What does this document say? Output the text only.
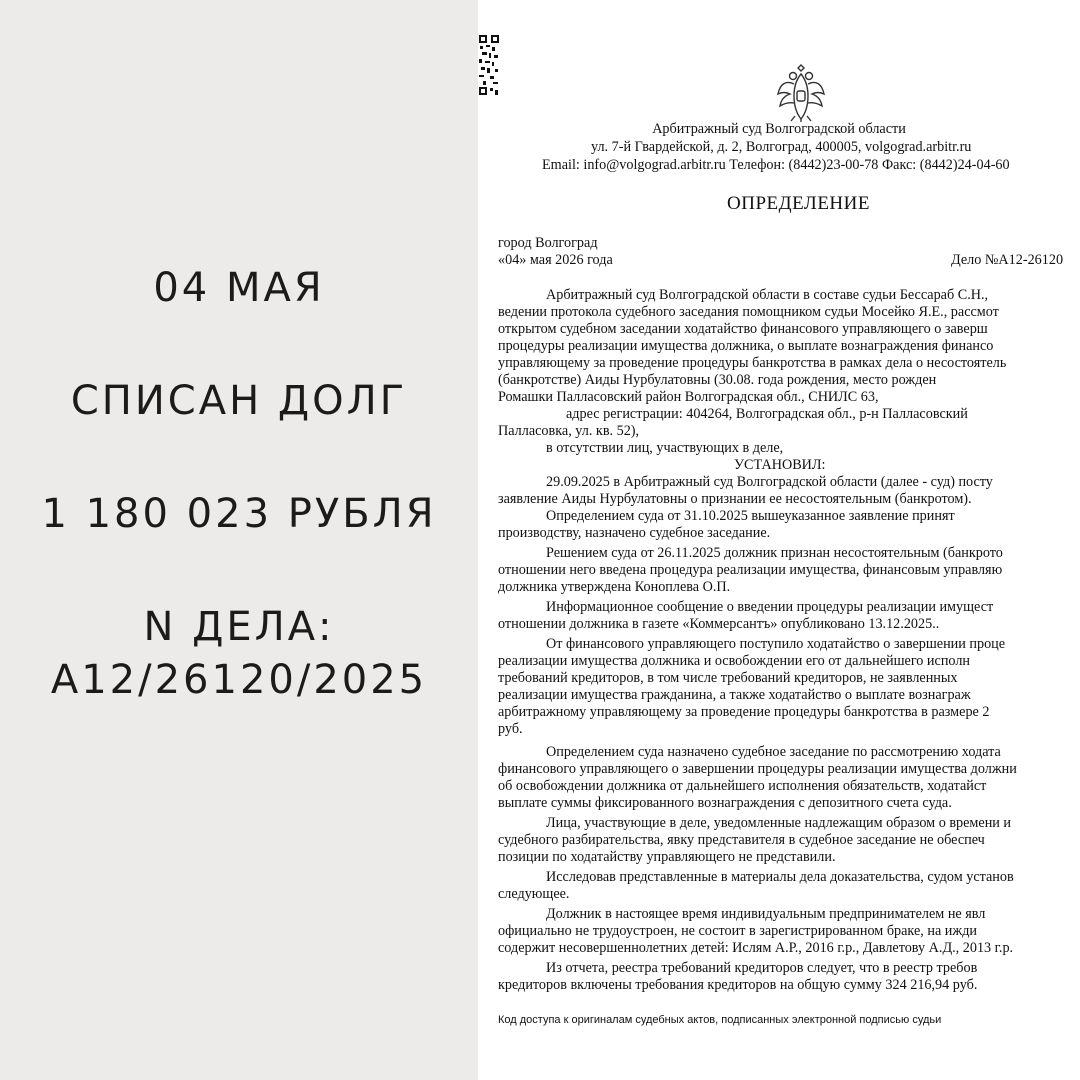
04 МАЯ
СПИСАН ДОЛГ
1 180 023 РУБЛЯ
N ДЕЛА:
А12/26120/2025
Арбитражный суд Волгоградской области
ул. 7-й Гвардейской, д. 2, Волгоград, 400005, volgograd.arbitr.ru
Email: info@volgograd.arbitr.ru Телефон: (8442)23-00-78 Факс: (8442)24-04-60
ОПРЕДЕЛЕНИЕ
город Волгоград
«04» мая 2026 года	Дело №А12-26120
Арбитражный суд Волгоградской области в составе судьи Бессараб С.Н.,
ведении протокола судебного заседания помощником судьи Мосейко Я.Е., рассмот
открытом судебном заседании ходатайство финансового управляющего о заверш
процедуры реализации имущества должника, о выплате вознаграждения финансо
управляющему за проведение процедуры банкротства в рамках дела о несостоятель
(банкротстве) Аиды Нурбулатовны (30.08. года рождения, место рожден
Ромашки Палласовский район Волгоградская обл., СНИЛС 63,
адрес регистрации: 404264, Волгоградская обл., р-н Палласовский
Палласовка, ул. кв. 52),
в отсутствии лиц, участвующих в деле,
УСТАНОВИЛ:
29.09.2025 в Арбитражный суд Волгоградской области (далее - суд) посту
заявление Аиды Нурбулатовны о признании ее несостоятельным (банкротом).
Определением суда от 31.10.2025 вышеуказанное заявление принят
производству, назначено судебное заседание.
Решением суда от 26.11.2025 должник признан несостоятельным (банкрото
отношении него введена процедура реализации имущества, финансовым управляю
должника утверждена Коноплева О.П.
Информационное сообщение о введении процедуры реализации имущест
отношении должника в газете «Коммерсантъ» опубликовано 13.12.2025..
От финансового управляющего поступило ходатайство о завершении проце
реализации имущества должника и освобождении его от дальнейшего исполн
требований кредиторов, в том числе требований кредиторов, не заявленных
реализации имущества гражданина, а также ходатайство о выплате вознаграж
арбитражному управляющему за проведение процедуры банкротства в размере 2
руб.
Определением суда назначено судебное заседание по рассмотрению ходата
финансового управляющего о завершении процедуры реализации имущества должни
об освобождении должника от дальнейшего исполнения обязательств, ходатайст
выплате суммы фиксированного вознаграждения с депозитного счета суда.
Лица, участвующие в деле, уведомленные надлежащим образом о времени и
судебного разбирательства, явку представителя в судебное заседание не обеспеч
позиции по ходатайству управляющего не представили.
Исследовав представленные в материалы дела доказательства, судом установ
следующее.
Должник в настоящее время индивидуальным предпринимателем не явл
официально не трудоустроен, не состоит в зарегистрированном браке, на ижди
содержит несовершеннолетних детей: Ислям А.Р., 2016 г.р., Давлетову А.Д., 2013 г.р.
Из отчета, реестра требований кредиторов следует, что в реестр требов
кредиторов включены требования кредиторов на общую сумму 324 216,94 руб.
Код доступа к оригиналам судебных актов, подписанных электронной подписью судьи
